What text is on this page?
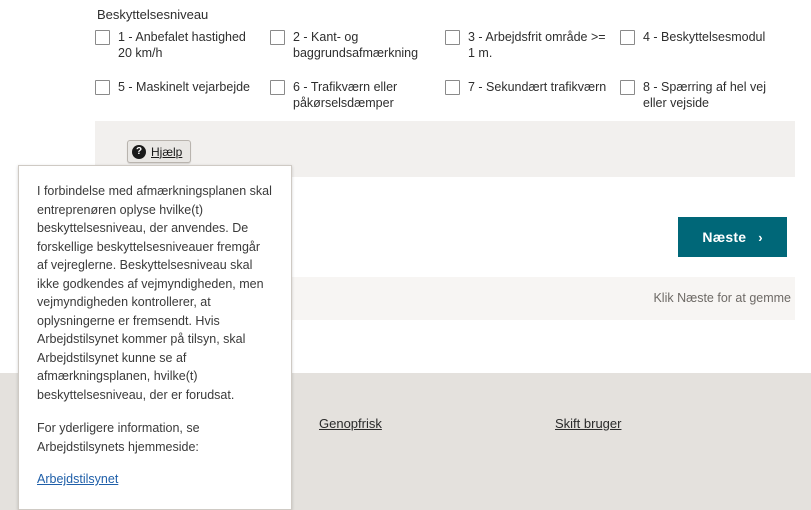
Beskyttelsesniveau
1 - Anbefalet hastighed 20 km/h
2 - Kant- og baggrundsafmærkning
3 - Arbejdsfrit område >= 1 m.
4 - Beskyttelsesmodul
5 - Maskinelt vejarbejde	6 - Trafikværn eller påkørselsdæmper
7 - Sekundært trafikværn	8 - Spærring af hel vej eller vejside
? Hjælp
Næste ›
Klik Næste for at gemme
Genopfrisk	Skift bruger

I forbindelse med afmærkningsplanen skal entreprenøren oplyse hvilke(t) beskyttelsesniveau, der anvendes. De forskellige beskyttelsesniveauer fremgår af vejreglerne. Beskyttelsesniveau skal ikke godkendes af vejmyndigheden, men vejmyndigheden kontrollerer, at oplysningerne er fremsendt. Hvis Arbejdstilsynet kommer på tilsyn, skal Arbejdstilsynet kunne se af afmærkningsplanen, hvilke(t) beskyttelsesniveau, der er forudsat.

For yderligere information, se Arbejdstilsynets hjemmeside:

Arbejdstilsynet
